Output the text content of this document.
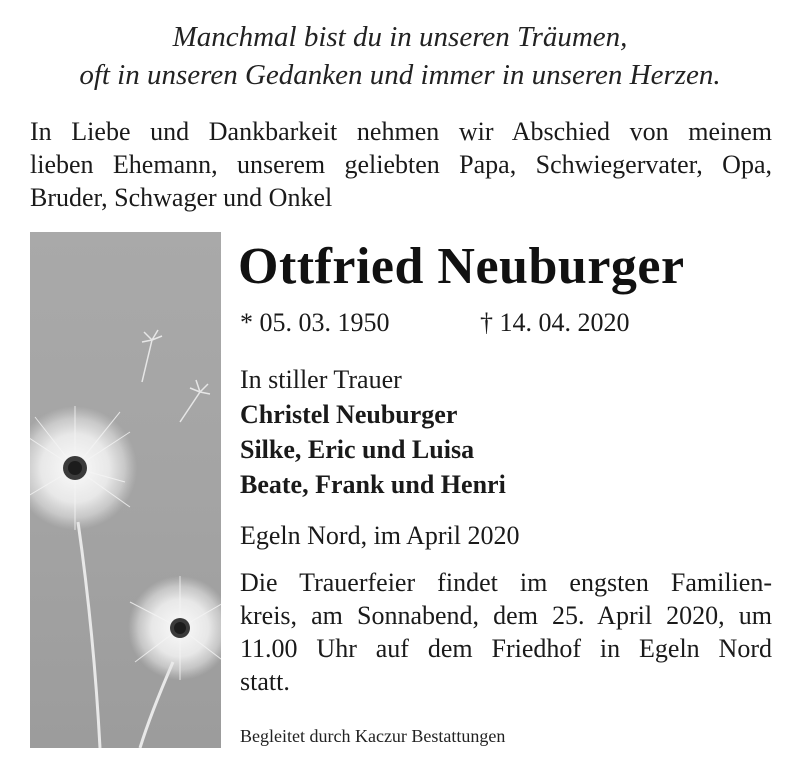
Manchmal bist du in unseren Träumen,
oft in unseren Gedanken und immer in unseren Herzen.
In Liebe und Dankbarkeit nehmen wir Abschied von meinem
lieben Ehemann, unserem geliebten Papa, Schwiegervater, Opa,
Bruder, Schwager und Onkel
Ottfried Neuburger
* 05. 03. 1950	† 14. 04. 2020
In stiller Trauer
Christel Neuburger
Silke, Eric und Luisa
Beate, Frank und Henri
Egeln Nord, im April 2020
Die Trauerfeier findet im engsten Familien-
kreis, am Sonnabend, dem 25. April 2020, um
11.00 Uhr auf dem Friedhof in Egeln Nord
statt.
Begleitet durch Kaczur Bestattungen
